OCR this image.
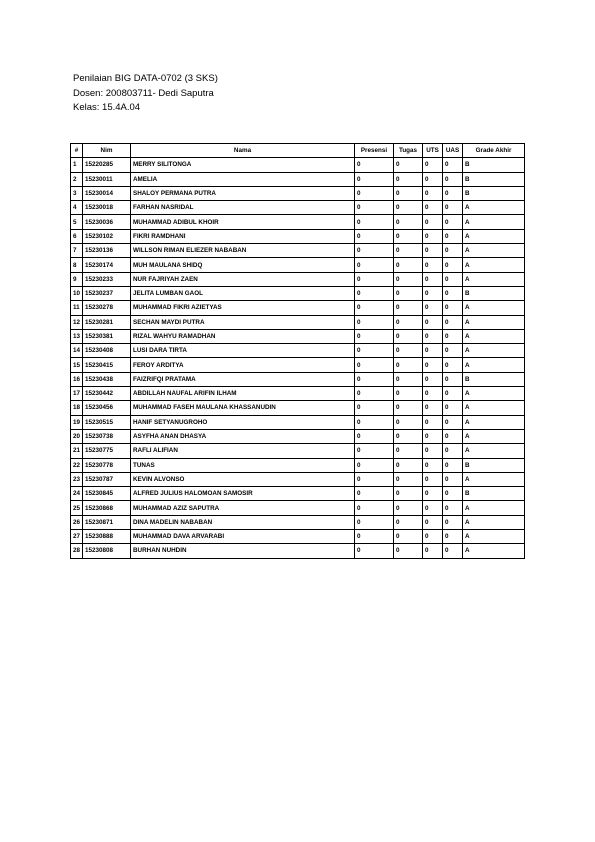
Penilaian BIG DATA-0702 (3 SKS)
Dosen: 200803711- Dedi Saputra
Kelas: 15.4A.04
#	Nim	Nama	Presensi	Tugas	UTS	UAS	Grade Akhir
1	15220285	MERRY SILITONGA	0	0	0	0	B
2	15230011	AMELIA	0	0	0	0	B
3	15230014	SHALOY PERMANA PUTRA	0	0	0	0	B
4	15230018	FARHAN NASRIDAL	0	0	0	0	A
5	15230036	MUHAMMAD ADIBUL KHOIR	0	0	0	0	A
6	15230102	FIKRI RAMDHANI	0	0	0	0	A
7	15230136	WILLSON RIMAN ELIEZER NABABAN	0	0	0	0	A
8	15230174	MUH MAULANA SHIDQ	0	0	0	0	A
9	15230233	NUR FAJRIYAH ZAEN	0	0	0	0	A
10	15230237	JELITA LUMBAN GAOL	0	0	0	0	B
11	15230278	MUHAMMAD FIKRI AZIETYAS	0	0	0	0	A
12	15230281	SECHAN MAYDI PUTRA	0	0	0	0	A
13	15230381	RIZAL WAHYU RAMADHAN	0	0	0	0	A
14	15230408	LUSI DARA TIRTA	0	0	0	0	A
15	15230415	FEROY ARDITYA	0	0	0	0	A
16	15230438	FAIZRIFQI PRATAMA	0	0	0	0	B
17	15230442	ABDILLAH NAUFAL ARIFIN ILHAM	0	0	0	0	A
18	15230456	MUHAMMAD FASEH MAULANA KHASSANUDIN	0	0	0	0	A
19	15230515	HANIF SETYANUGROHO	0	0	0	0	A
20	15230738	ASYFHA ANAN DHASYA	0	0	0	0	A
21	15230775	RAFLI ALIFIAN	0	0	0	0	A
22	15230778	TUNAS	0	0	0	0	B
23	15230787	KEVIN ALVONSO	0	0	0	0	A
24	15230845	ALFRED JULIUS HALOMOAN SAMOSIR	0	0	0	0	B
25	15230868	MUHAMMAD AZIZ SAPUTRA	0	0	0	0	A
26	15230871	DINA MADELIN NABABAN	0	0	0	0	A
27	15230888	MUHAMMAD DAVA ARVARABI	0	0	0	0	A
28	15230808	BURHAN NUHDIN	0	0	0	0	A
